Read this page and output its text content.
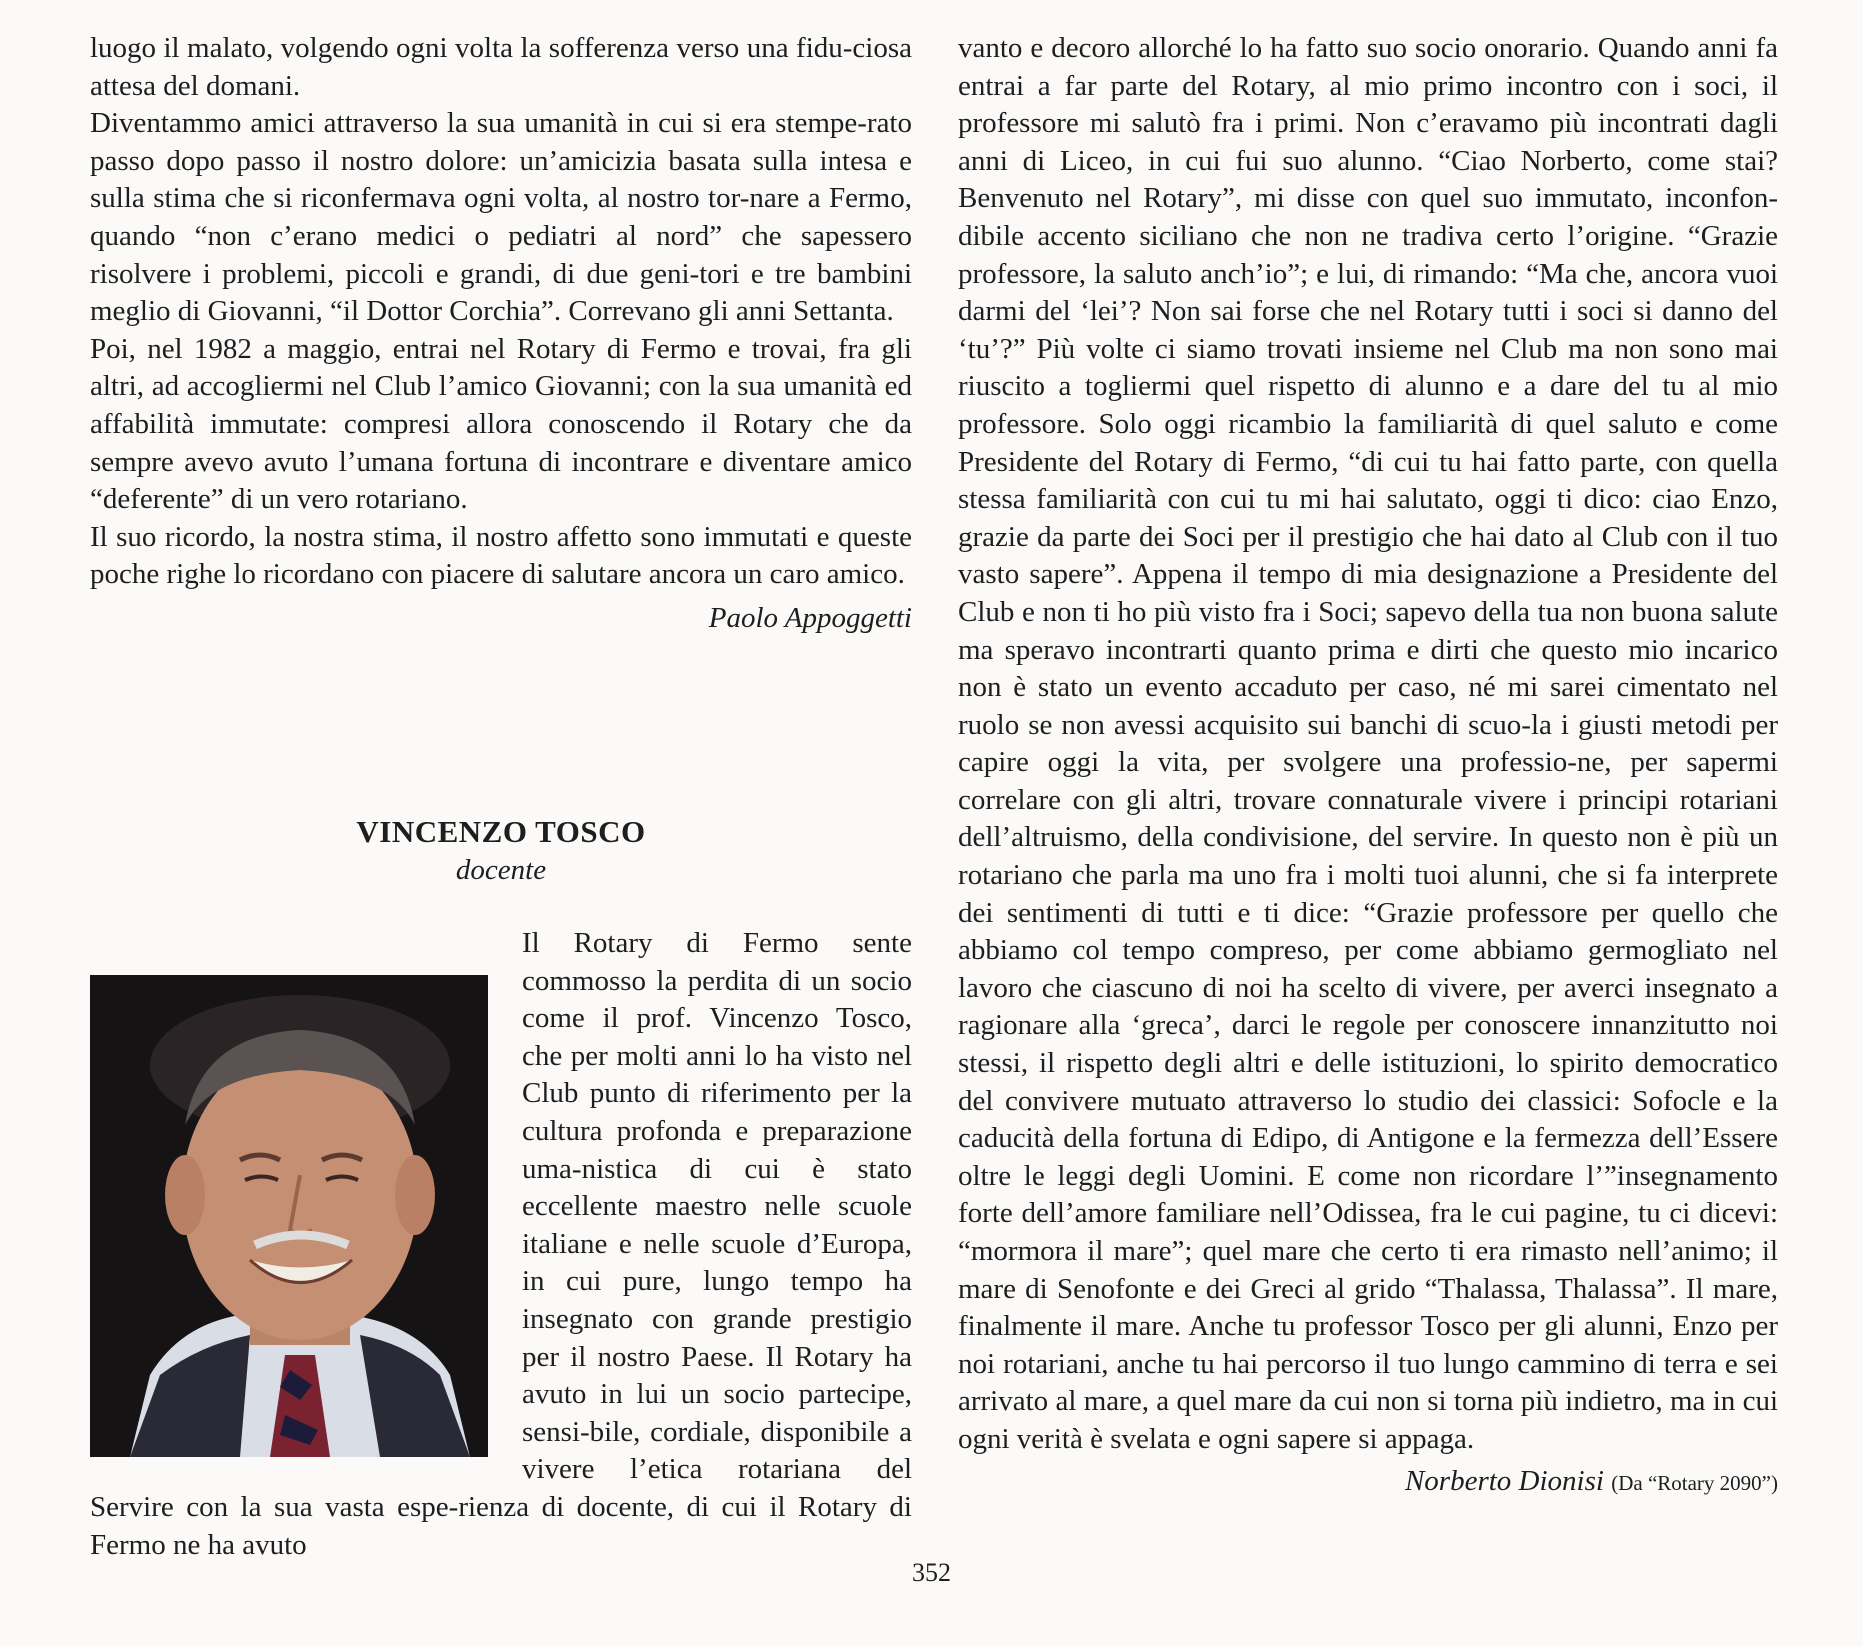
luogo il malato, volgendo ogni volta la sofferenza verso una fidu-ciosa attesa del domani.

Diventammo amici attraverso la sua umanità in cui si era stempe-rato passo dopo passo il nostro dolore: un’amicizia basata sulla intesa e sulla stima che si riconfermava ogni volta, al nostro tor-nare a Fermo, quando “non c’erano medici o pediatri al nord” che sapessero risolvere i problemi, piccoli e grandi, di due geni-tori e tre bambini meglio di Giovanni, “il Dottor Corchia”. Correvano gli anni Settanta.

Poi, nel 1982 a maggio, entrai nel Rotary di Fermo e trovai, fra gli altri, ad accogliermi nel Club l’amico Giovanni; con la sua umanità ed affabilità immutate: compresi allora conoscendo il Rotary che da sempre avevo avuto l’umana fortuna di incontrare e diventare amico “deferente” di un vero rotariano.

Il suo ricordo, la nostra stima, il nostro affetto sono immutati e queste poche righe lo ricordano con piacere di salutare ancora un caro amico.

Paolo Appoggetti

VINCENZO TOSCO
docente

Il Rotary di Fermo sente commosso la perdita di un socio come il prof. Vincenzo Tosco, che per molti anni lo ha visto nel Club punto di riferimento per la cultura profonda e preparazione uma-nistica di cui è stato eccellente maestro nelle scuole italiane e nelle scuole d’Europa, in cui pure, lungo tempo ha insegnato con grande prestigio per il nostro Paese. Il Rotary ha avuto in lui un socio partecipe, sensi-bile, cordiale, disponibile a vivere l’etica rotariana del Servire con la sua vasta espe-rienza di docente, di cui il Rotary di Fermo ne ha avuto

vanto e decoro allorché lo ha fatto suo socio onorario. Quando anni fa entrai a far parte del Rotary, al mio primo incontro con i soci, il professore mi salutò fra i primi. Non c’eravamo più incontrati dagli anni di Liceo, in cui fui suo alunno. “Ciao Norberto, come stai? Benvenuto nel Rotary”, mi disse con quel suo immutato, inconfon-dibile accento siciliano che non ne tradiva certo l’origine. “Grazie professore, la saluto anch’io”; e lui, di rimando: “Ma che, ancora vuoi darmi del ‘lei’? Non sai forse che nel Rotary tutti i soci si danno del ‘tu’?” Più volte ci siamo trovati insieme nel Club ma non sono mai riuscito a togliermi quel rispetto di alunno e a dare del tu al mio professore. Solo oggi ricambio la familiarità di quel saluto e come Presidente del Rotary di Fermo, “di cui tu hai fatto parte, con quella stessa familiarità con cui tu mi hai salutato, oggi ti dico: ciao Enzo, grazie da parte dei Soci per il prestigio che hai dato al Club con il tuo vasto sapere”. Appena il tempo di mia designazione a Presidente del Club e non ti ho più visto fra i Soci; sapevo della tua non buona salute ma speravo incontrarti quanto prima e dirti che questo mio incarico non è stato un evento accaduto per caso, né mi sarei cimentato nel ruolo se non avessi acquisito sui banchi di scuo-la i giusti metodi per capire oggi la vita, per svolgere una professio-ne, per sapermi correlare con gli altri, trovare connaturale vivere i principi rotariani dell’altruismo, della condivisione, del servire. In questo non è più un rotariano che parla ma uno fra i molti tuoi alunni, che si fa interprete dei sentimenti di tutti e ti dice: “Grazie professore per quello che abbiamo col tempo compreso, per come abbiamo germogliato nel lavoro che ciascuno di noi ha scelto di vivere, per averci insegnato a ragionare alla ‘greca’, darci le regole per conoscere innanzitutto noi stessi, il rispetto degli altri e delle istituzioni, lo spirito democratico del convivere mutuato attraverso lo studio dei classici: Sofocle e la caducità della fortuna di Edipo, di Antigone e la fermezza dell’Essere oltre le leggi degli Uomini. E come non ricordare l’”insegnamento forte dell’amore familiare nell’Odissea, fra le cui pagine, tu ci dicevi: “mormora il mare”; quel mare che certo ti era rimasto nell’animo; il mare di Senofonte e dei Greci al grido “Thalassa, Thalassa”. Il mare, finalmente il mare. Anche tu professor Tosco per gli alunni, Enzo per noi rotariani, anche tu hai percorso il tuo lungo cammino di terra e sei arrivato al mare, a quel mare da cui non si torna più indietro, ma in cui ogni verità è svelata e ogni sapere si appaga.

Norberto Dionisi (Da “Rotary 2090”)

352
